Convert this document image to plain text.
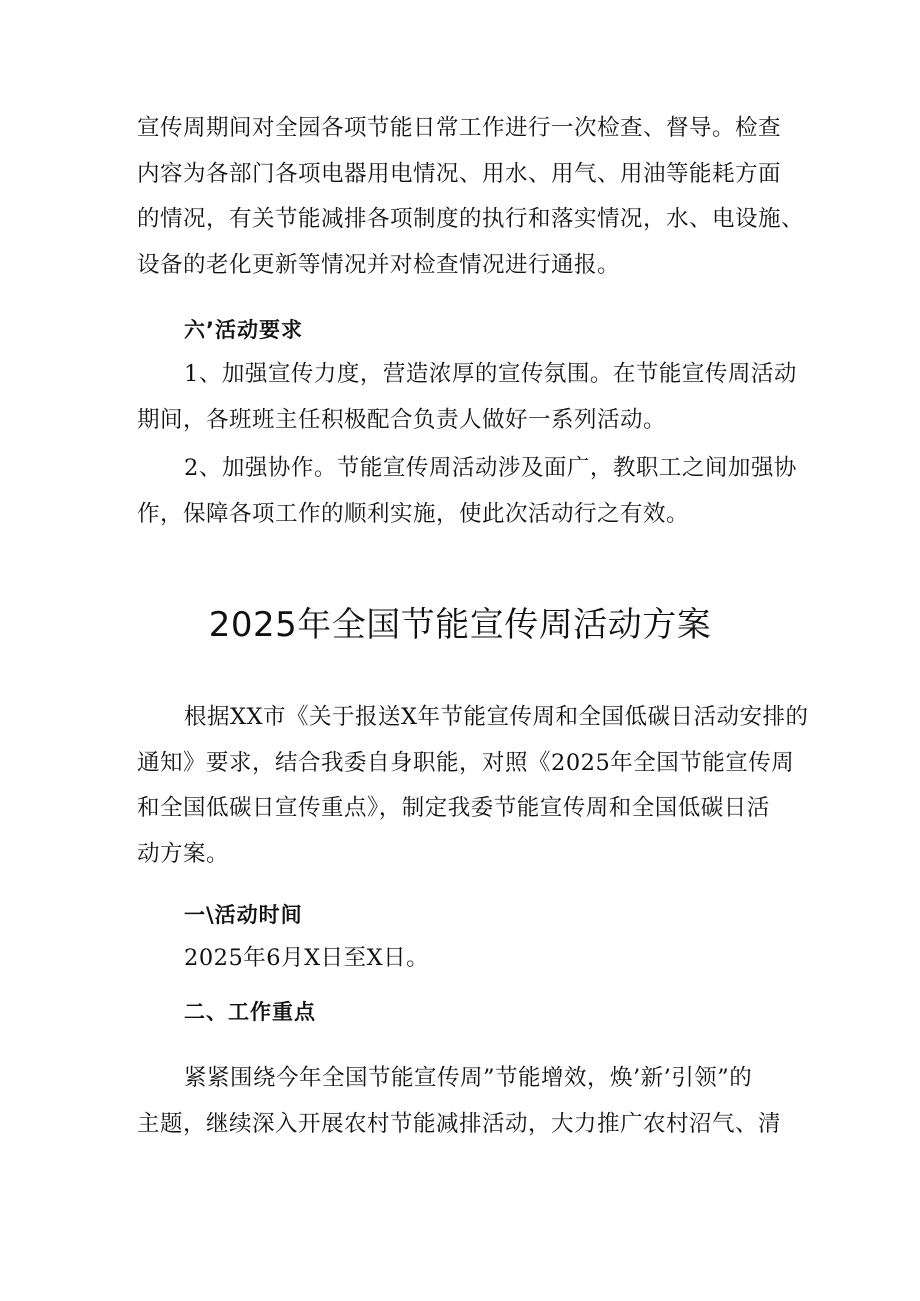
宣传周期间对全园各项节能日常工作进行一次检查、督导。检查
内容为各部门各项电器用电情况、用水、用气、用油等能耗方面
的情况，有关节能减排各项制度的执行和落实情况，水、电设施、
设备的老化更新等情况并对检查情况进行通报。
六’活动要求
1、加强宣传力度，营造浓厚的宣传氛围。在节能宣传周活动
期间，各班班主任积极配合负责人做好一系列活动。
2、加强协作。节能宣传周活动涉及面广，教职工之间加强协
作，保障各项工作的顺利实施，使此次活动行之有效。
2025年全国节能宣传周活动方案
根据XX市《关于报送X年节能宣传周和全国低碳日活动安排的
通知》要求，结合我委自身职能，对照《2025年全国节能宣传周
和全国低碳日宣传重点》，制定我委节能宣传周和全国低碳日活
动方案。
一\活动时间
2025年6月X日至X日。
二、工作重点
紧紧围绕今年全国节能宣传周”节能增效，焕’新’引领”的
主题，继续深入开展农村节能减排活动，大力推广农村沼气、清
